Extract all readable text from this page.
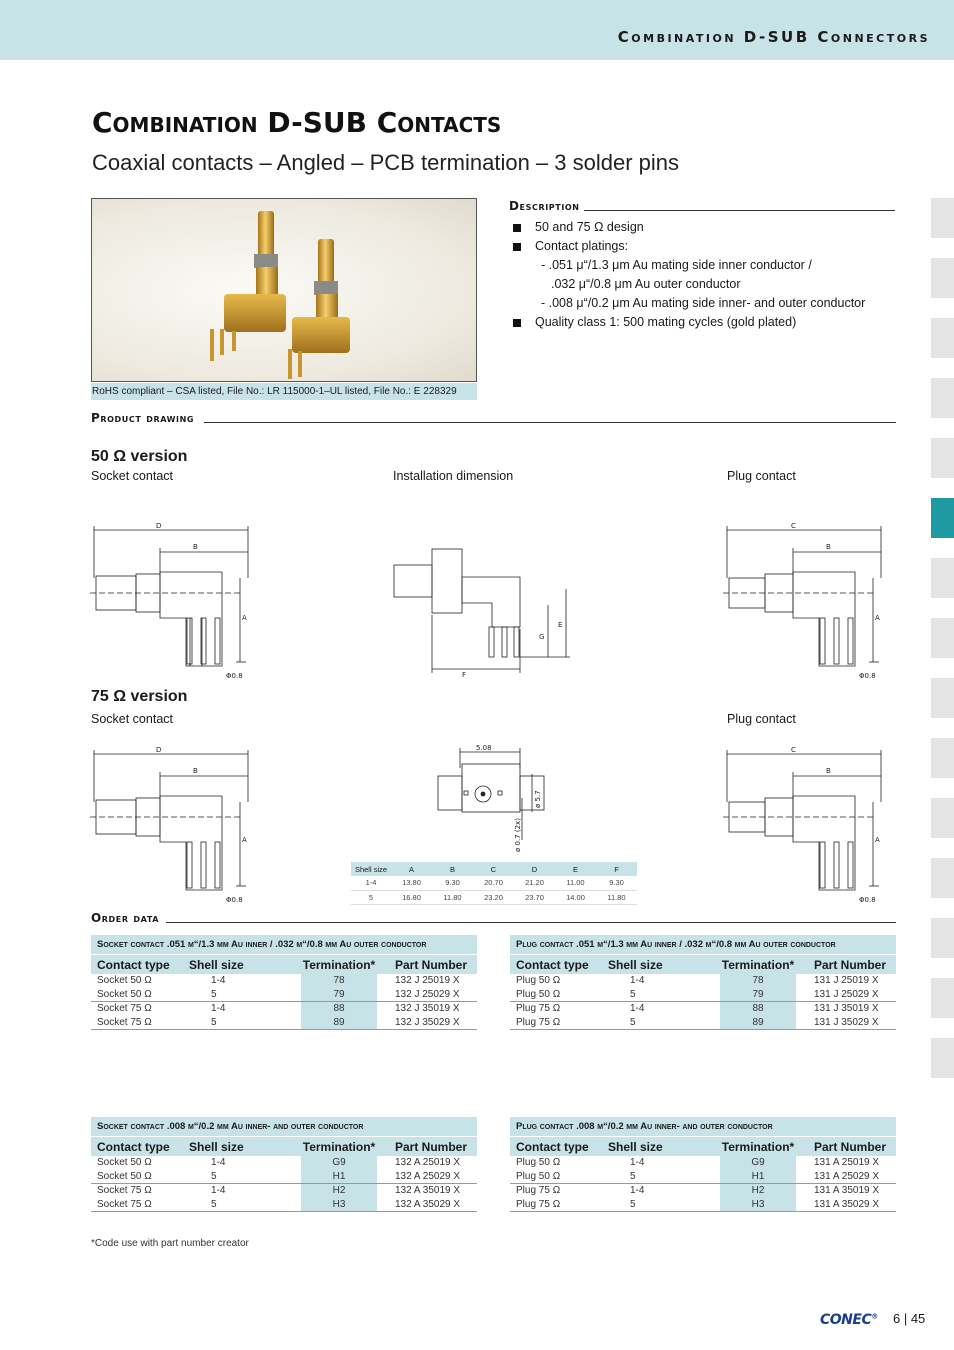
Combination D-SUB Connectors
Combination D-SUB Contacts
Coaxial contacts – Angled – PCB termination – 3 solder pins
RoHS compliant – CSA listed, File No.: LR 115000-1–UL listed, File No.: E 228329
Description
50 and 75 Ω design
Contact platings:
- .051 μ“/1.3 μm Au mating side inner conductor /
.032 μ“/0.8 μm Au outer conductor
- .008 μ“/0.2 μm Au mating side inner- and outer conductor
Quality class 1: 500 mating cycles (gold plated)
Product drawing
50 Ω version
Socket contact	Installation dimension	Plug contact
D
B
A
Φ0.8	F
G
E
C
B
A
Φ0.8
75 Ω version
Socket contact	Plug contact
D
B
A
Φ0.8
5.08
ø 5.7
ø 0.7 (2x)
C
B
A
Φ0.8
Shell size	A	B	C	D	E	F
1-4	13.80	9.30	20.70	21.20	11.00	9.30
5	16.80	11.80	23.20	23.70	14.00	11.80
Order data
Socket contact .051 μ“/1.3 μm Au inner / .032 μ“/0.8 μm Au outer conductor
Contact type	Shell size	Termination*	Part Number
Socket 50 Ω	1-4	78	132 J 25019 X
Socket 50 Ω	5	79	132 J 25029 X
Socket 75 Ω	1-4	88	132 J 35019 X
Socket 75 Ω	5	89	132 J 35029 X
Plug contact .051 μ“/1.3 μm Au inner / .032 μ“/0.8 μm Au outer conductor
Contact type	Shell size	Termination*	Part Number
Plug 50 Ω	1-4	78	131 J 25019 X
Plug 50 Ω	5	79	131 J 25029 X
Plug 75 Ω	1-4	88	131 J 35019 X
Plug 75 Ω	5	89	131 J 35029 X
Socket contact .008 μ“/0.2 μm Au inner- and outer conductor
Contact type	Shell size	Termination*	Part Number
Socket 50 Ω	1-4	G9	132 A 25019 X
Socket 50 Ω	5	H1	132 A 25029 X
Socket 75 Ω	1-4	H2	132 A 35019 X
Socket 75 Ω	5	H3	132 A 35029 X
Plug contact .008 μ“/0.2 μm Au inner- and outer conductor
Contact type	Shell size	Termination*	Part Number
Plug 50 Ω	1-4	G9	131 A 25019 X
Plug 50 Ω	5	H1	131 A 25029 X
Plug 75 Ω	1-4	H2	131 A 35019 X
Plug 75 Ω	5	H3	131 A 35029 X
*Code use with part number creator
CONEC® 6 | 45
